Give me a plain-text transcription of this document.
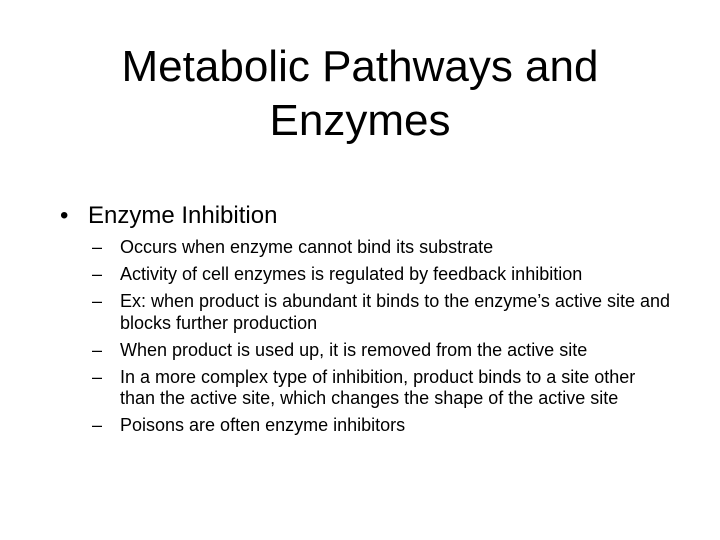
Metabolic Pathways and
Enzymes
• Enzyme Inhibition
– Occurs when enzyme cannot bind its substrate
– Activity of cell enzymes is regulated by feedback inhibition
– Ex: when product is abundant it binds to the enzyme’s active site and blocks further production
– When product is used up, it is removed from the active site
– In a more complex type of inhibition, product binds to a site other than the active site, which changes the shape of the active site
– Poisons are often enzyme inhibitors
